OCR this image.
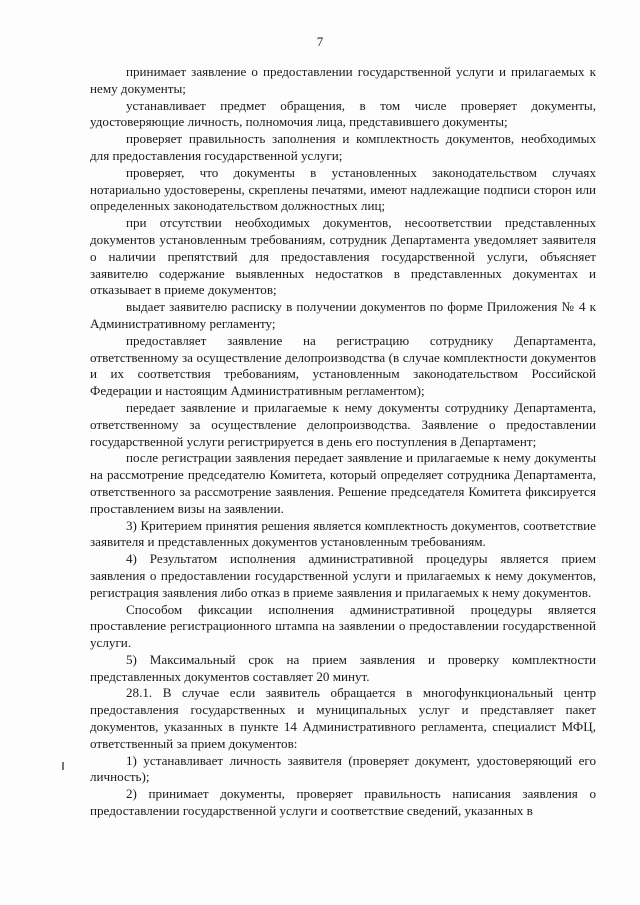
7

принимает заявление о предоставлении государственной услуги и прилагаемых к нему документы;

устанавливает предмет обращения, в том числе проверяет документы, удостоверяющие личность, полномочия лица, представившего документы;

проверяет правильность заполнения и комплектность документов, необходимых для предоставления государственной услуги;

проверяет, что документы в установленных законодательством случаях нотариально удостоверены, скреплены печатями, имеют надлежащие подписи сторон или определенных законодательством должностных лиц;

при отсутствии необходимых документов, несоответствии представленных документов установленным требованиям, сотрудник Департамента уведомляет заявителя о наличии препятствий для предоставления государственной услуги, объясняет заявителю содержание выявленных недостатков в представленных документах и отказывает в приеме документов;

выдает заявителю расписку в получении документов по форме Приложения № 4 к Административному регламенту;

предоставляет заявление на регистрацию сотруднику Департамента, ответственному за осуществление делопроизводства (в случае комплектности документов и их соответствия требованиям, установленным законодательством Российской Федерации и настоящим Административным регламентом);

передает заявление и прилагаемые к нему документы сотруднику Департамента, ответственному за осуществление делопроизводства. Заявление о предоставлении государственной услуги регистрируется в день его поступления в Департамент;

после регистрации заявления передает заявление и прилагаемые к нему документы на рассмотрение председателю Комитета, который определяет сотрудника Департамента, ответственного за рассмотрение заявления. Решение председателя Комитета фиксируется проставлением визы на заявлении.

3) Критерием принятия решения является комплектность документов, соответствие заявителя и представленных документов установленным требованиям.

4) Результатом исполнения административной процедуры является прием заявления о предоставлении государственной услуги и прилагаемых к нему документов, регистрация заявления либо отказ в приеме заявления и прилагаемых к нему документов.

Способом фиксации исполнения административной процедуры является проставление регистрационного штампа на заявлении о предоставлении государственной услуги.

5) Максимальный срок на прием заявления и проверку комплектности представленных документов составляет 20 минут.

28.1. В случае если заявитель обращается в многофункциональный центр предоставления государственных и муниципальных услуг и представляет пакет документов, указанных в пункте 14 Административного регламента, специалист МФЦ, ответственный за прием документов:

1) устанавливает личность заявителя (проверяет документ, удостоверяющий его личность);

2) принимает документы, проверяет правильность написания заявления о предоставлении государственной услуги и соответствие сведений, указанных в
